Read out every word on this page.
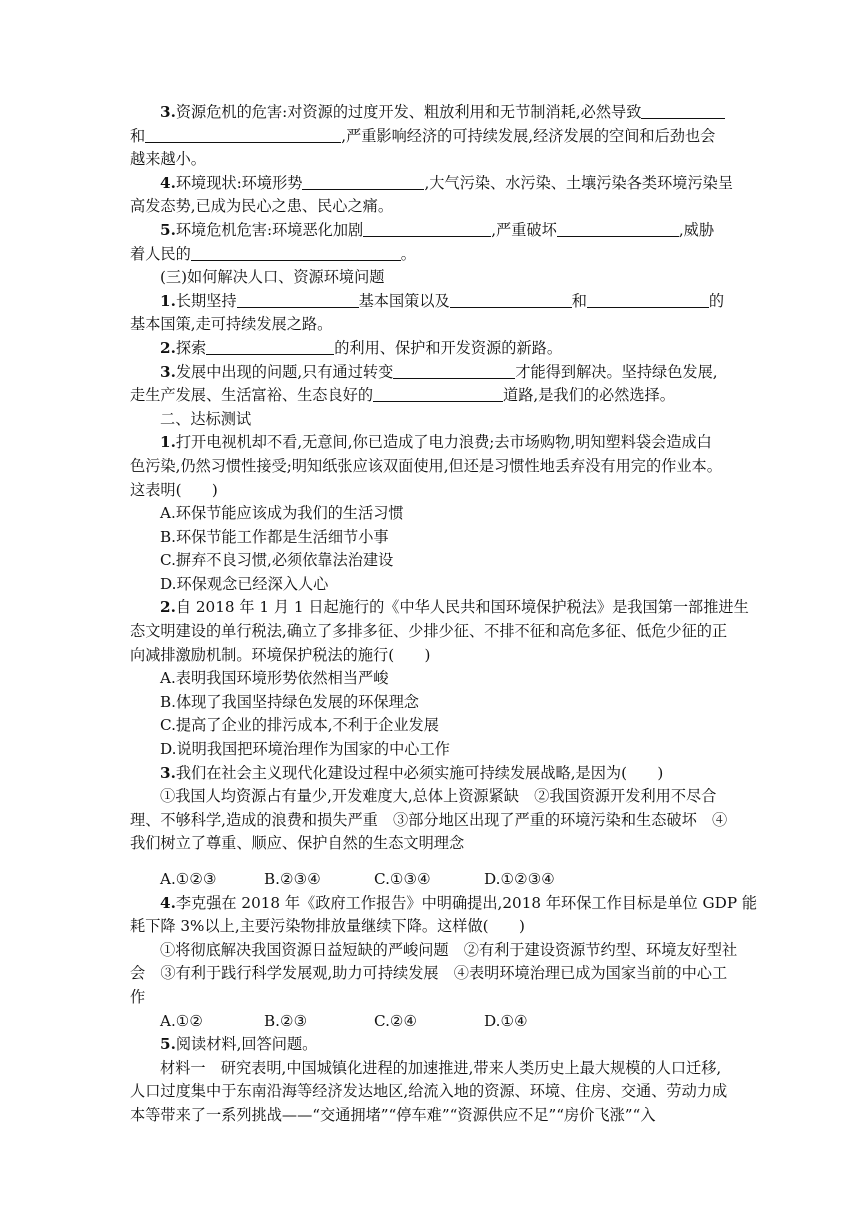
3.资源危机的危害:对资源的过度开发、粗放利用和无节制消耗,必然导致
和	,严重影响经济的可持续发展,经济发展的空间和后劲也会
越来越小。
4.环境现状:环境形势	,大气污染、水污染、土壤污染各类环境污染呈
高发态势,已成为民心之患、民心之痛。
5.环境危机危害:环境恶化加剧	,严重破坏	,威胁
着人民的	。
(三)如何解决人口、资源环境问题
1.长期坚持	基本国策以及	和	的
基本国策,走可持续发展之路。
2.探索	的利用、保护和开发资源的新路。
3.发展中出现的问题,只有通过转变	才能得到解决。坚持绿色发展,
走生产发展、生活富裕、生态良好的	道路,是我们的必然选择。
二、达标测试
1.打开电视机却不看,无意间,你已造成了电力浪费;去市场购物,明知塑料袋会造成白
色污染,仍然习惯性接受;明知纸张应该双面使用,但还是习惯性地丢弃没有用完的作业本。
这表明(　　)
A.环保节能应该成为我们的生活习惯
B.环保节能工作都是生活细节小事
C.摒弃不良习惯,必须依靠法治建设
D.环保观念已经深入人心
2.自 2018 年 1 月 1 日起施行的《中华人民共和国环境保护税法》是我国第一部推进生
态文明建设的单行税法,确立了多排多征、少排少征、不排不征和高危多征、低危少征的正
向减排激励机制。环境保护税法的施行(　　)
A.表明我国环境形势依然相当严峻
B.体现了我国坚持绿色发展的环保理念
C.提高了企业的排污成本,不利于企业发展
D.说明我国把环境治理作为国家的中心工作
3.我们在社会主义现代化建设过程中必须实施可持续发展战略,是因为(　　)
①我国人均资源占有量少,开发难度大,总体上资源紧缺　②我国资源开发利用不尽合
理、不够科学,造成的浪费和损失严重　③部分地区出现了严重的环境污染和生态破坏　④
我们树立了尊重、顺应、保护自然的生态文明理念
A.①②③	B.②③④	C.①③④	D.①②③④
4.李克强在 2018 年《政府工作报告》中明确提出,2018 年环保工作目标是单位 GDP 能
耗下降 3%以上,主要污染物排放量继续下降。这样做(　　)
①将彻底解决我国资源日益短缺的严峻问题　②有利于建设资源节约型、环境友好型社
会　③有利于践行科学发展观,助力可持续发展　④表明环境治理已成为国家当前的中心工
作
A.①②	B.②③	C.②④	D.①④
5.阅读材料,回答问题。
材料一　研究表明,中国城镇化进程的加速推进,带来人类历史上最大规模的人口迁移,
人口过度集中于东南沿海等经济发达地区,给流入地的资源、环境、住房、交通、劳动力成
本等带来了一系列挑战——“交通拥堵”“停车难”“资源供应不足”“房价飞涨”“入
